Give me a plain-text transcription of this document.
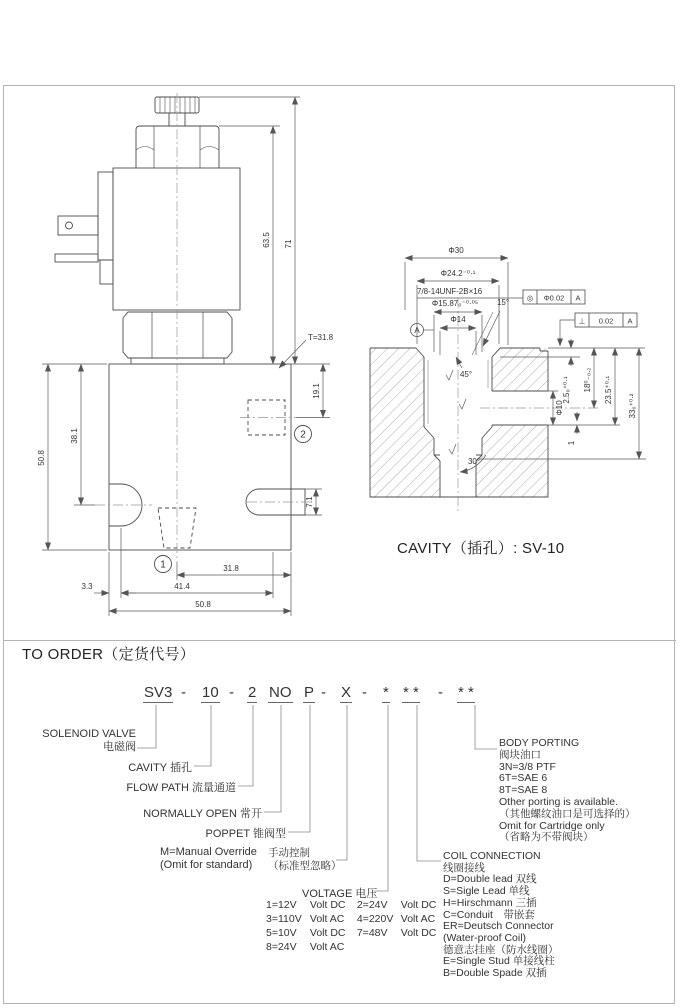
63.5 71
T=31.8
50.8
38.1
19.1
7.1
31.8
3.3	41.4
50.8
1
2
Φ30
Φ24.2⁻⁰·¹
7/8-14UNF-2B×16
Φ15.87₀⁻⁰·⁰⁵
Φ14
15°
45°
30°
Φ10
2.5₀⁺⁰·¹ 18⁰₋₀.₂ 23.5⁺⁰·¹
33₀⁺⁰·²
1
A
◎ Φ0.02 A
⊥ 0.02 A
CAVITY（插孔）: SV-10
TO ORDER（定货代号）
SV3 - 10 - 2 NO P - X - * * * - * *
SOLENOID VALVE
电磁阀
CAVITY 插孔
FLOW PATH 流量通道
NORMALLY OPEN 常开
POPPET 锥阀型
M=Manual Override
(Omit for standard)
手动控制
（标准型忽略）
VOLTAGE 电压
1=12V Volt DC 2=24V Volt DC
3=110V Volt AC 4=220V Volt AC
5=10V Volt DC 7=48V Volt DC
8=24V Volt AC
COIL CONNECTION
线圈接线
D=Double lead 双线
S=Sigle Lead 单线
H=Hirschmann 三插
C=Conduit　带嵌套
ER=Deutsch Connector
(Water-proof Coil)
德意志挂座（防水线圈）
E=Single Stud 单接线柱
B=Double Spade 双插
BODY PORTING
阀块油口
3N=3/8 PTF
6T=SAE 6
8T=SAE 8
Other porting is available.
（其他螺纹油口是可选择的）
Omit for Cartridge only
（省略为不带阀块）
